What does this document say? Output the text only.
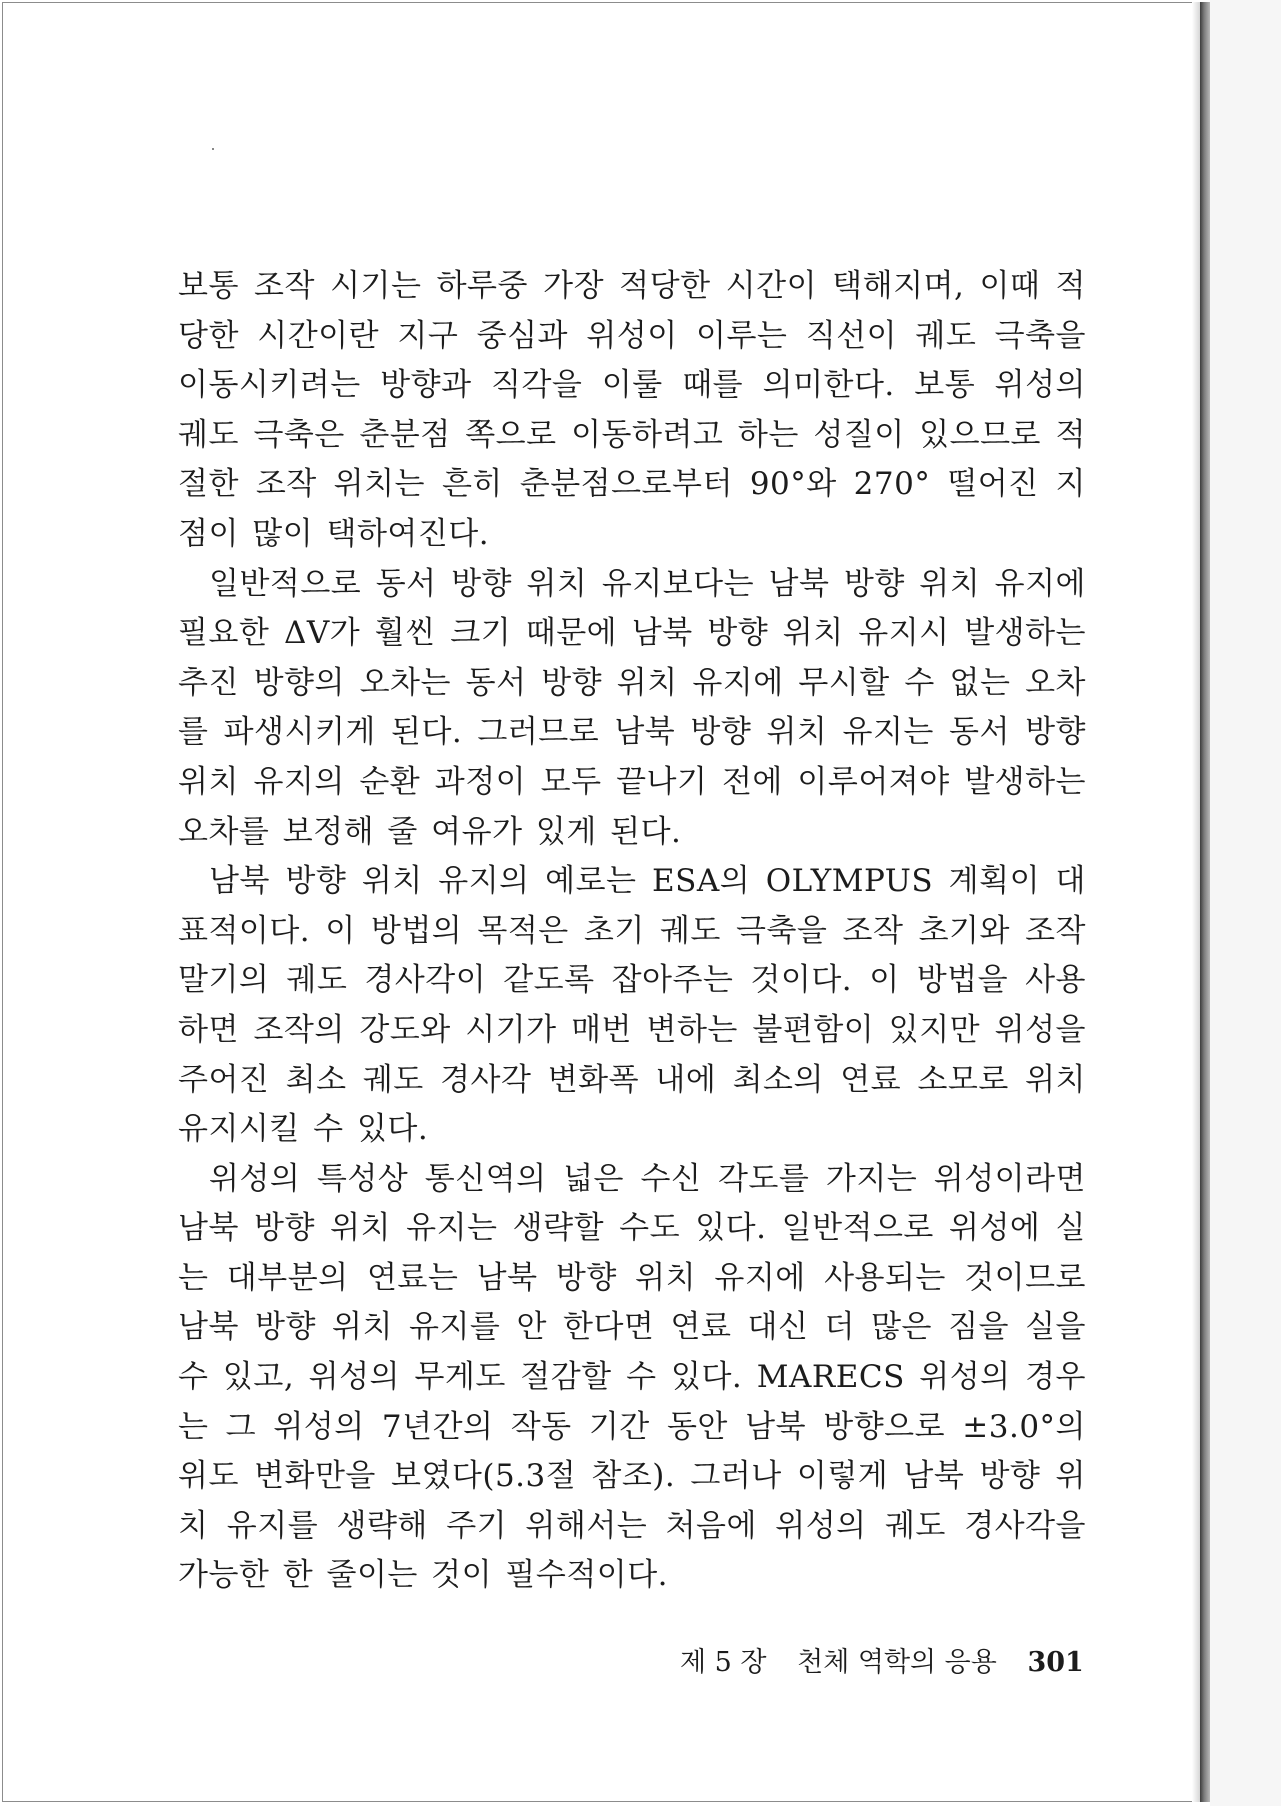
보통 조작 시기는 하루중 가장 적당한 시간이 택해지며, 이때 적당한 시간이란 지구 중심과 위성이 이루는 직선이 궤도 극축을 이동시키려는 방향과 직각을 이룰 때를 의미한다. 보통 위성의 궤도 극축은 춘분점 쪽으로 이동하려고 하는 성질이 있으므로 적절한 조작 위치는 흔히 춘분점으로부터 90°와 270° 떨어진 지점이 많이 택하여진다.

일반적으로 동서 방향 위치 유지보다는 남북 방향 위치 유지에 필요한 ΔV가 훨씬 크기 때문에 남북 방향 위치 유지시 발생하는 추진 방향의 오차는 동서 방향 위치 유지에 무시할 수 없는 오차를 파생시키게 된다. 그러므로 남북 방향 위치 유지는 동서 방향 위치 유지의 순환 과정이 모두 끝나기 전에 이루어져야 발생하는 오차를 보정해 줄 여유가 있게 된다.

남북 방향 위치 유지의 예로는 ESA의 OLYMPUS 계획이 대표적이다. 이 방법의 목적은 초기 궤도 극축을 조작 초기와 조작 말기의 궤도 경사각이 같도록 잡아주는 것이다. 이 방법을 사용하면 조작의 강도와 시기가 매번 변하는 불편함이 있지만 위성을 주어진 최소 궤도 경사각 변화폭 내에 최소의 연료 소모로 위치 유지시킬 수 있다.

위성의 특성상 통신역의 넓은 수신 각도를 가지는 위성이라면 남북 방향 위치 유지는 생략할 수도 있다. 일반적으로 위성에 실는 대부분의 연료는 남북 방향 위치 유지에 사용되는 것이므로 남북 방향 위치 유지를 안 한다면 연료 대신 더 많은 짐을 실을 수 있고, 위성의 무게도 절감할 수 있다. MARECS 위성의 경우는 그 위성의 7년간의 작동 기간 동안 남북 방향으로 ±3.0°의 위도 변화만을 보였다(5.3절 참조). 그러나 이렇게 남북 방향 위치 유지를 생략해 주기 위해서는 처음에 위성의 궤도 경사각을 가능한 한 줄이는 것이 필수적이다.

제 5 장 천체 역학의 응용 301
